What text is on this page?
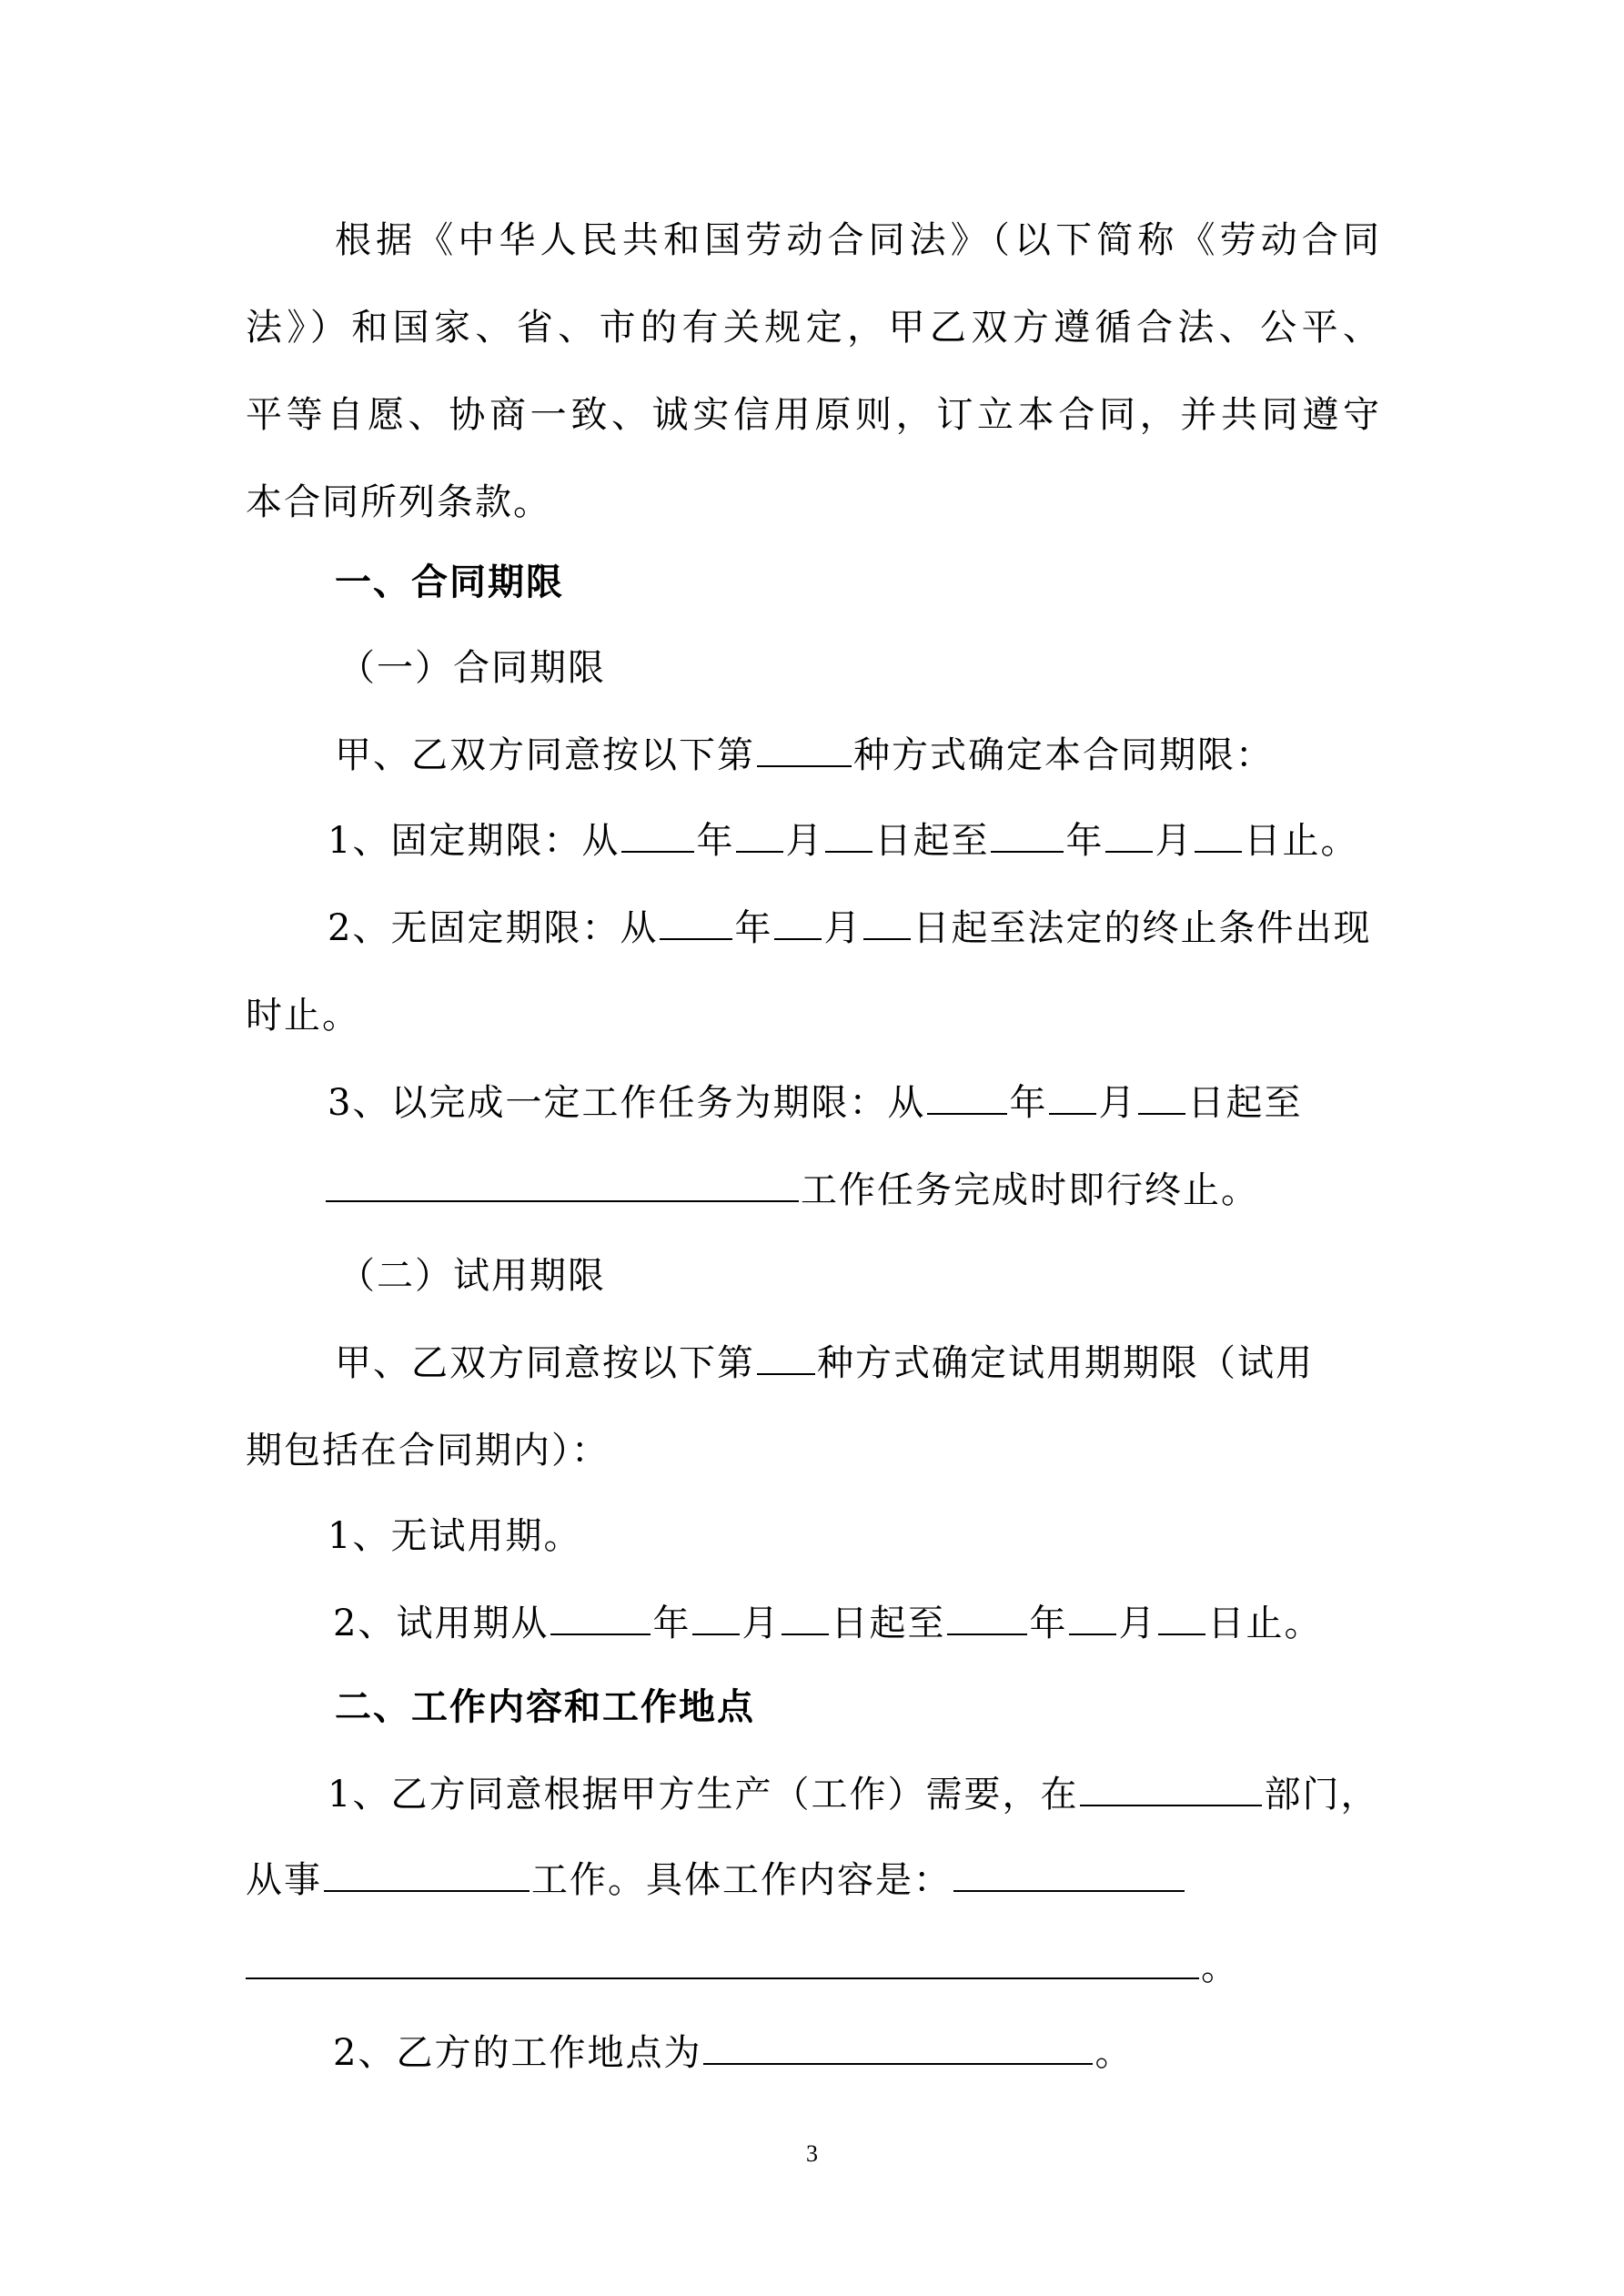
根据《中华人民共和国劳动合同法》（以下简称《劳动合同
法》）和国家、省、市的有关规定，甲乙双方遵循合法、公平、
平等自愿、协商一致、诚实信用原则，订立本合同，并共同遵守
本合同所列条款。
一、合同期限
（一）合同期限
甲、乙双方同意按以下第	种方式确定本合同期限：
1、固定期限：从 年 月 日起至 年 月 日止。
2、无固定期限：从 年 月 日起至法定的终止条件出现
时止。
3、以完成一定工作任务为期限：从 年 月 日起至
工作任务完成时即行终止。
（二）试用期限
甲、乙双方同意按以下第 种方式确定试用期期限（试用
期包括在合同期内）：
1、无试用期。
2、试用期从	年 月 日起至 年 月 日止。
二、工作内容和工作地点
1、乙方同意根据甲方生产（工作）需要，在	部门，
从事	工作。具体工作内容是：
。
2、乙方的工作地点为	。
3
